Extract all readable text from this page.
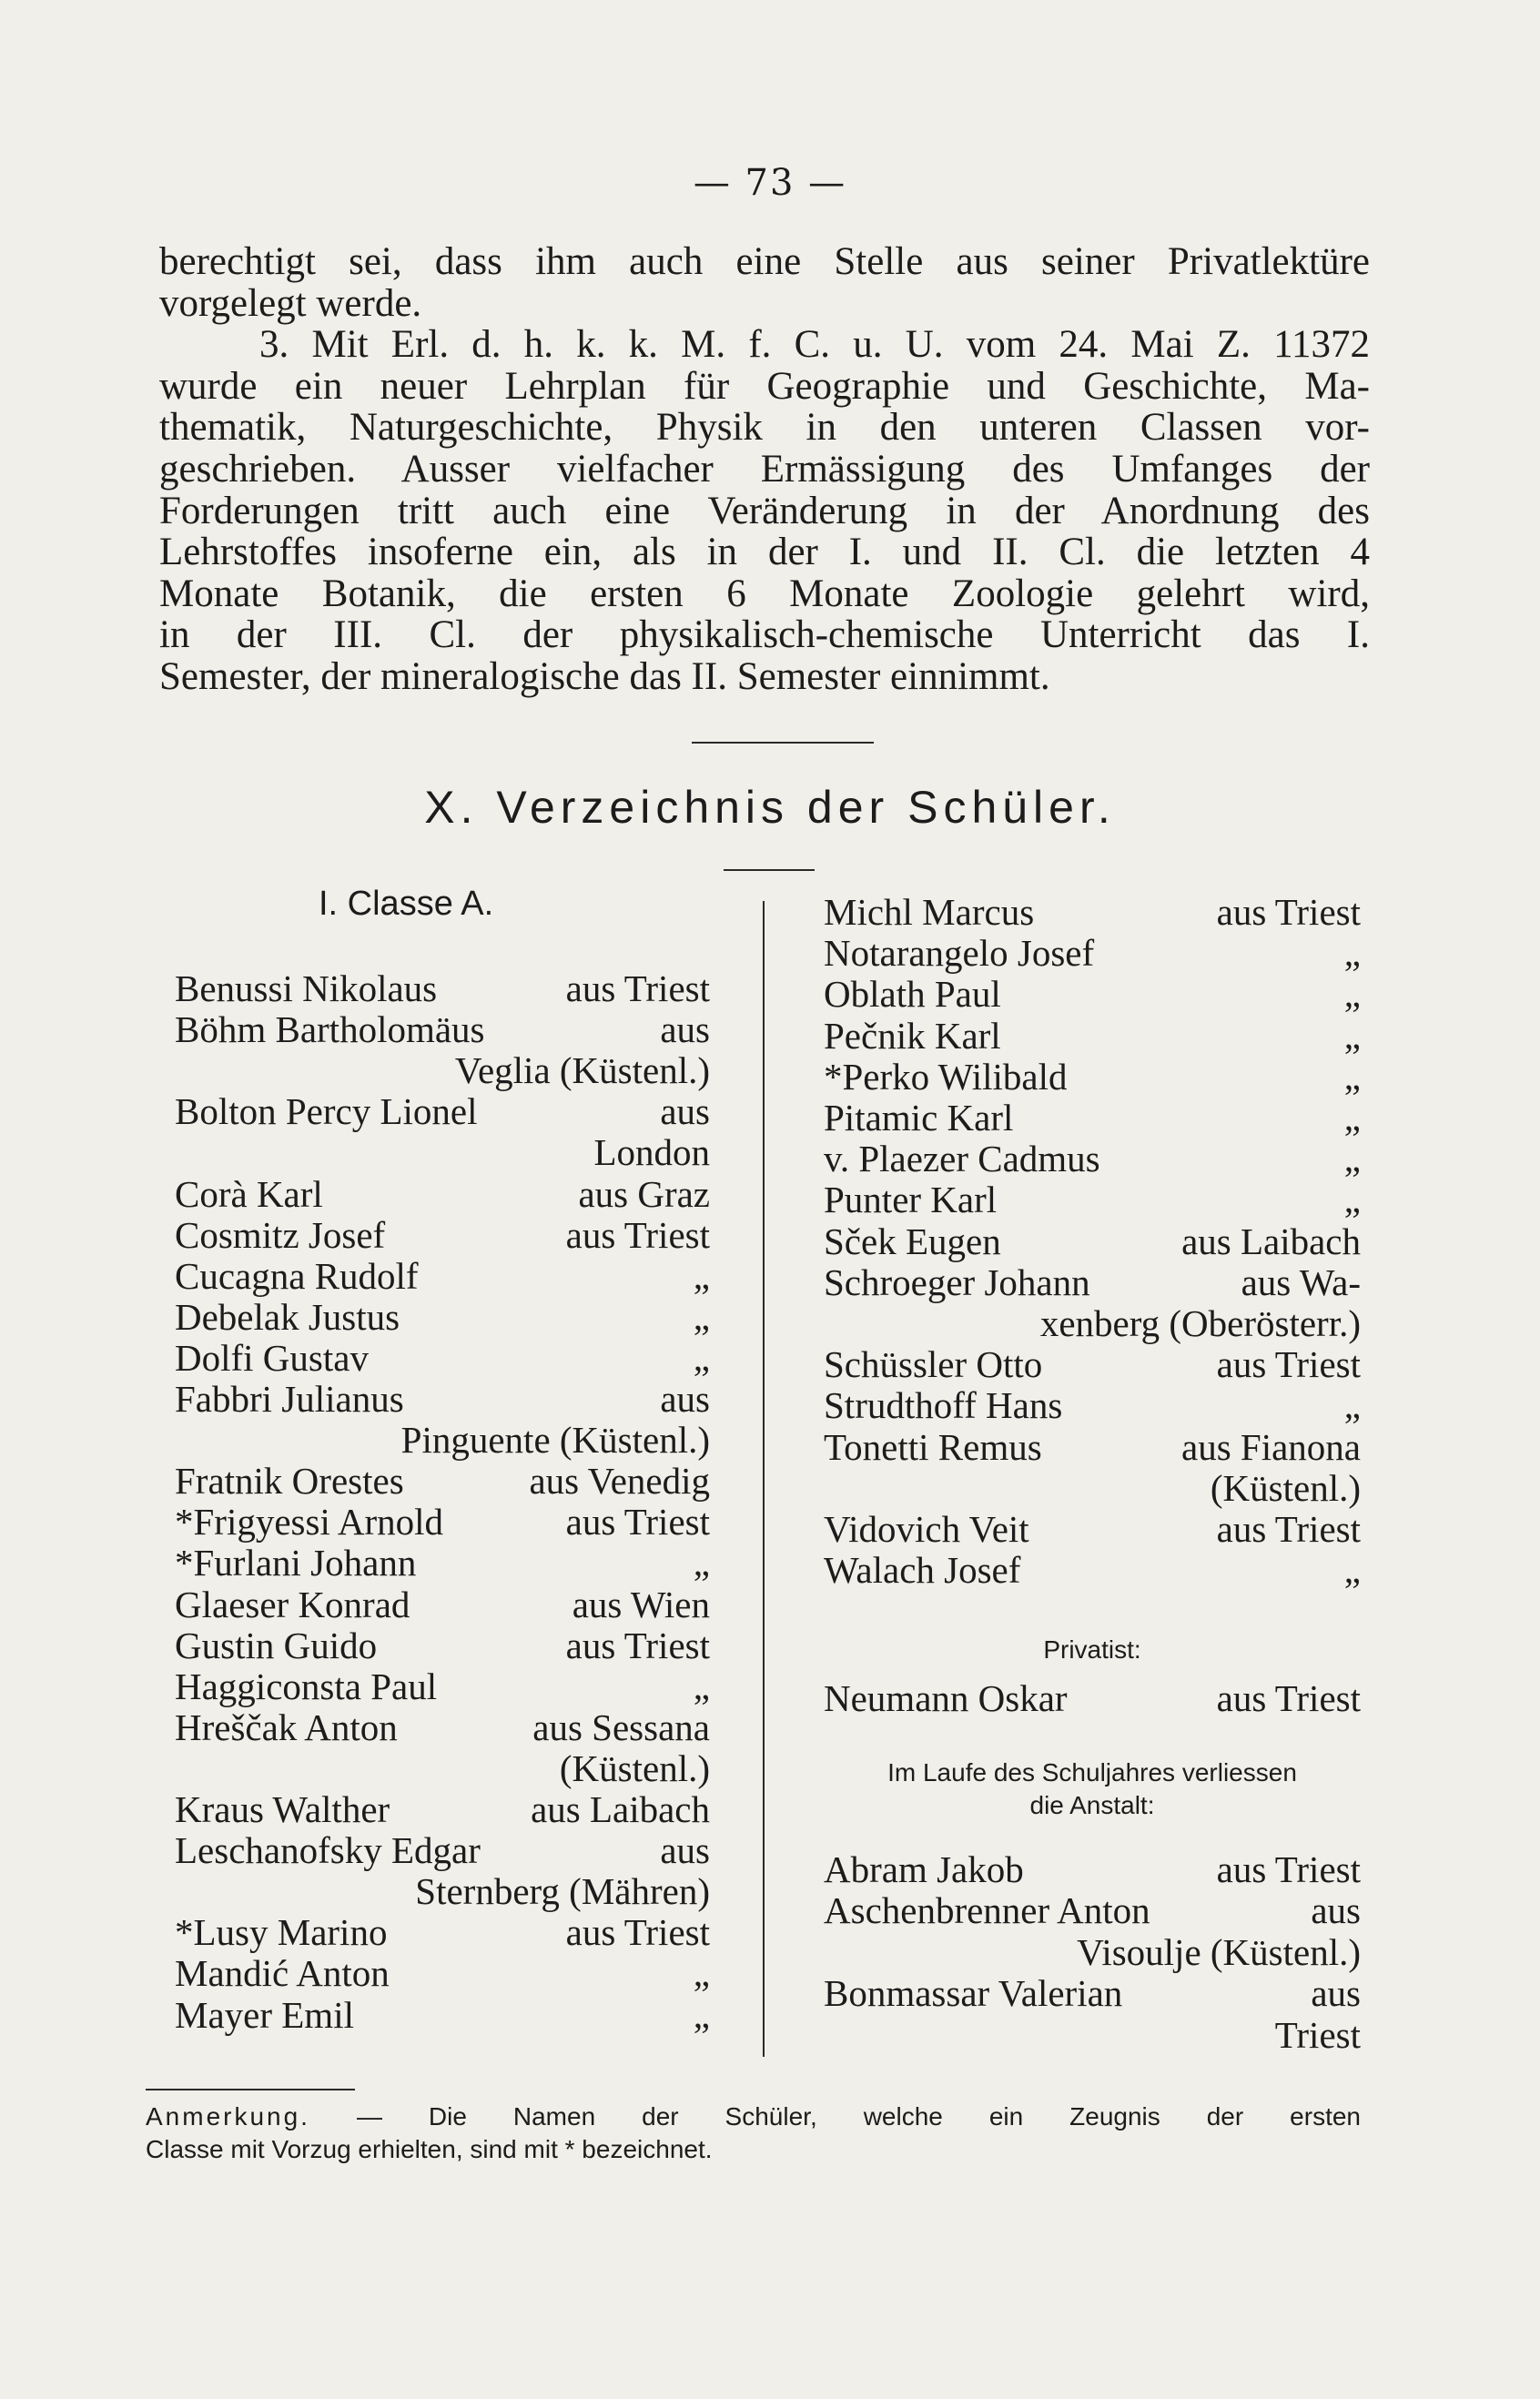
— 73 —
berechtigt sei, dass ihm auch eine Stelle aus seiner Privatlektüre
vorgelegt werde.
3. Mit Erl. d. h. k. k. M. f. C. u. U. vom 24. Mai Z. 11372
wurde ein neuer Lehrplan für Geographie und Geschichte, Ma-
thematik, Naturgeschichte, Physik in den unteren Classen vor-
geschrieben. Ausser vielfacher Ermässigung des Umfanges der
Forderungen tritt auch eine Veränderung in der Anordnung des
Lehrstoffes insoferne ein, als in der I. und II. Cl. die letzten 4
Monate Botanik, die ersten 6 Monate Zoologie gelehrt wird,
in der III. Cl. der physikalisch-chemische Unterricht das I.
Semester, der mineralogische das II. Semester einnimmt.
X. Verzeichnis der Schüler.
I. Classe A.
Benussi Nikolaus	aus Triest
Böhm Bartholomäus	aus
Veglia (Küstenl.)
Bolton Percy Lionel	aus
London
Corà Karl	aus Graz
Cosmitz Josef	aus Triest
Cucagna Rudolf	„
Debelak Justus	„
Dolfi Gustav	„
Fabbri Julianus	aus
Pinguente (Küstenl.)
Fratnik Orestes	aus Venedig
*Frigyessi Arnold	aus Triest
*Furlani Johann	„
Glaeser Konrad	aus Wien
Gustin Guido	aus Triest
Haggiconsta Paul	„
Hreščak Anton	aus Sessana
(Küstenl.)
Kraus Walther	aus Laibach
Leschanofsky Edgar	aus
Sternberg (Mähren)
*Lusy Marino	aus Triest
Mandić Anton	„
Mayer Emil	„
Michl Marcus	aus Triest
Notarangelo Josef	„
Oblath Paul	„
Pečnik Karl	„
*Perko Wilibald	„
Pitamic Karl	„
v. Plaezer Cadmus	„
Punter Karl	„
Sček Eugen	aus Laibach
Schroeger Johann	aus Wa-
xenberg (Oberösterr.)
Schüssler Otto	aus Triest
Strudthoff Hans	„
Tonetti Remus	aus Fianona
(Küstenl.)
Vidovich Veit	aus Triest
Walach Josef	„
Privatist:
Neumann Oskar	aus Triest
Im Laufe des Schuljahres verliessen
die Anstalt:
Abram Jakob	aus Triest
Aschenbrenner Anton	aus
Visoulje (Küstenl.)
Bonmassar Valerian	aus
Triest
Anmerkung. — Die Namen der Schüler, welche ein Zeugnis der ersten
Classe mit Vorzug erhielten, sind mit * bezeichnet.
